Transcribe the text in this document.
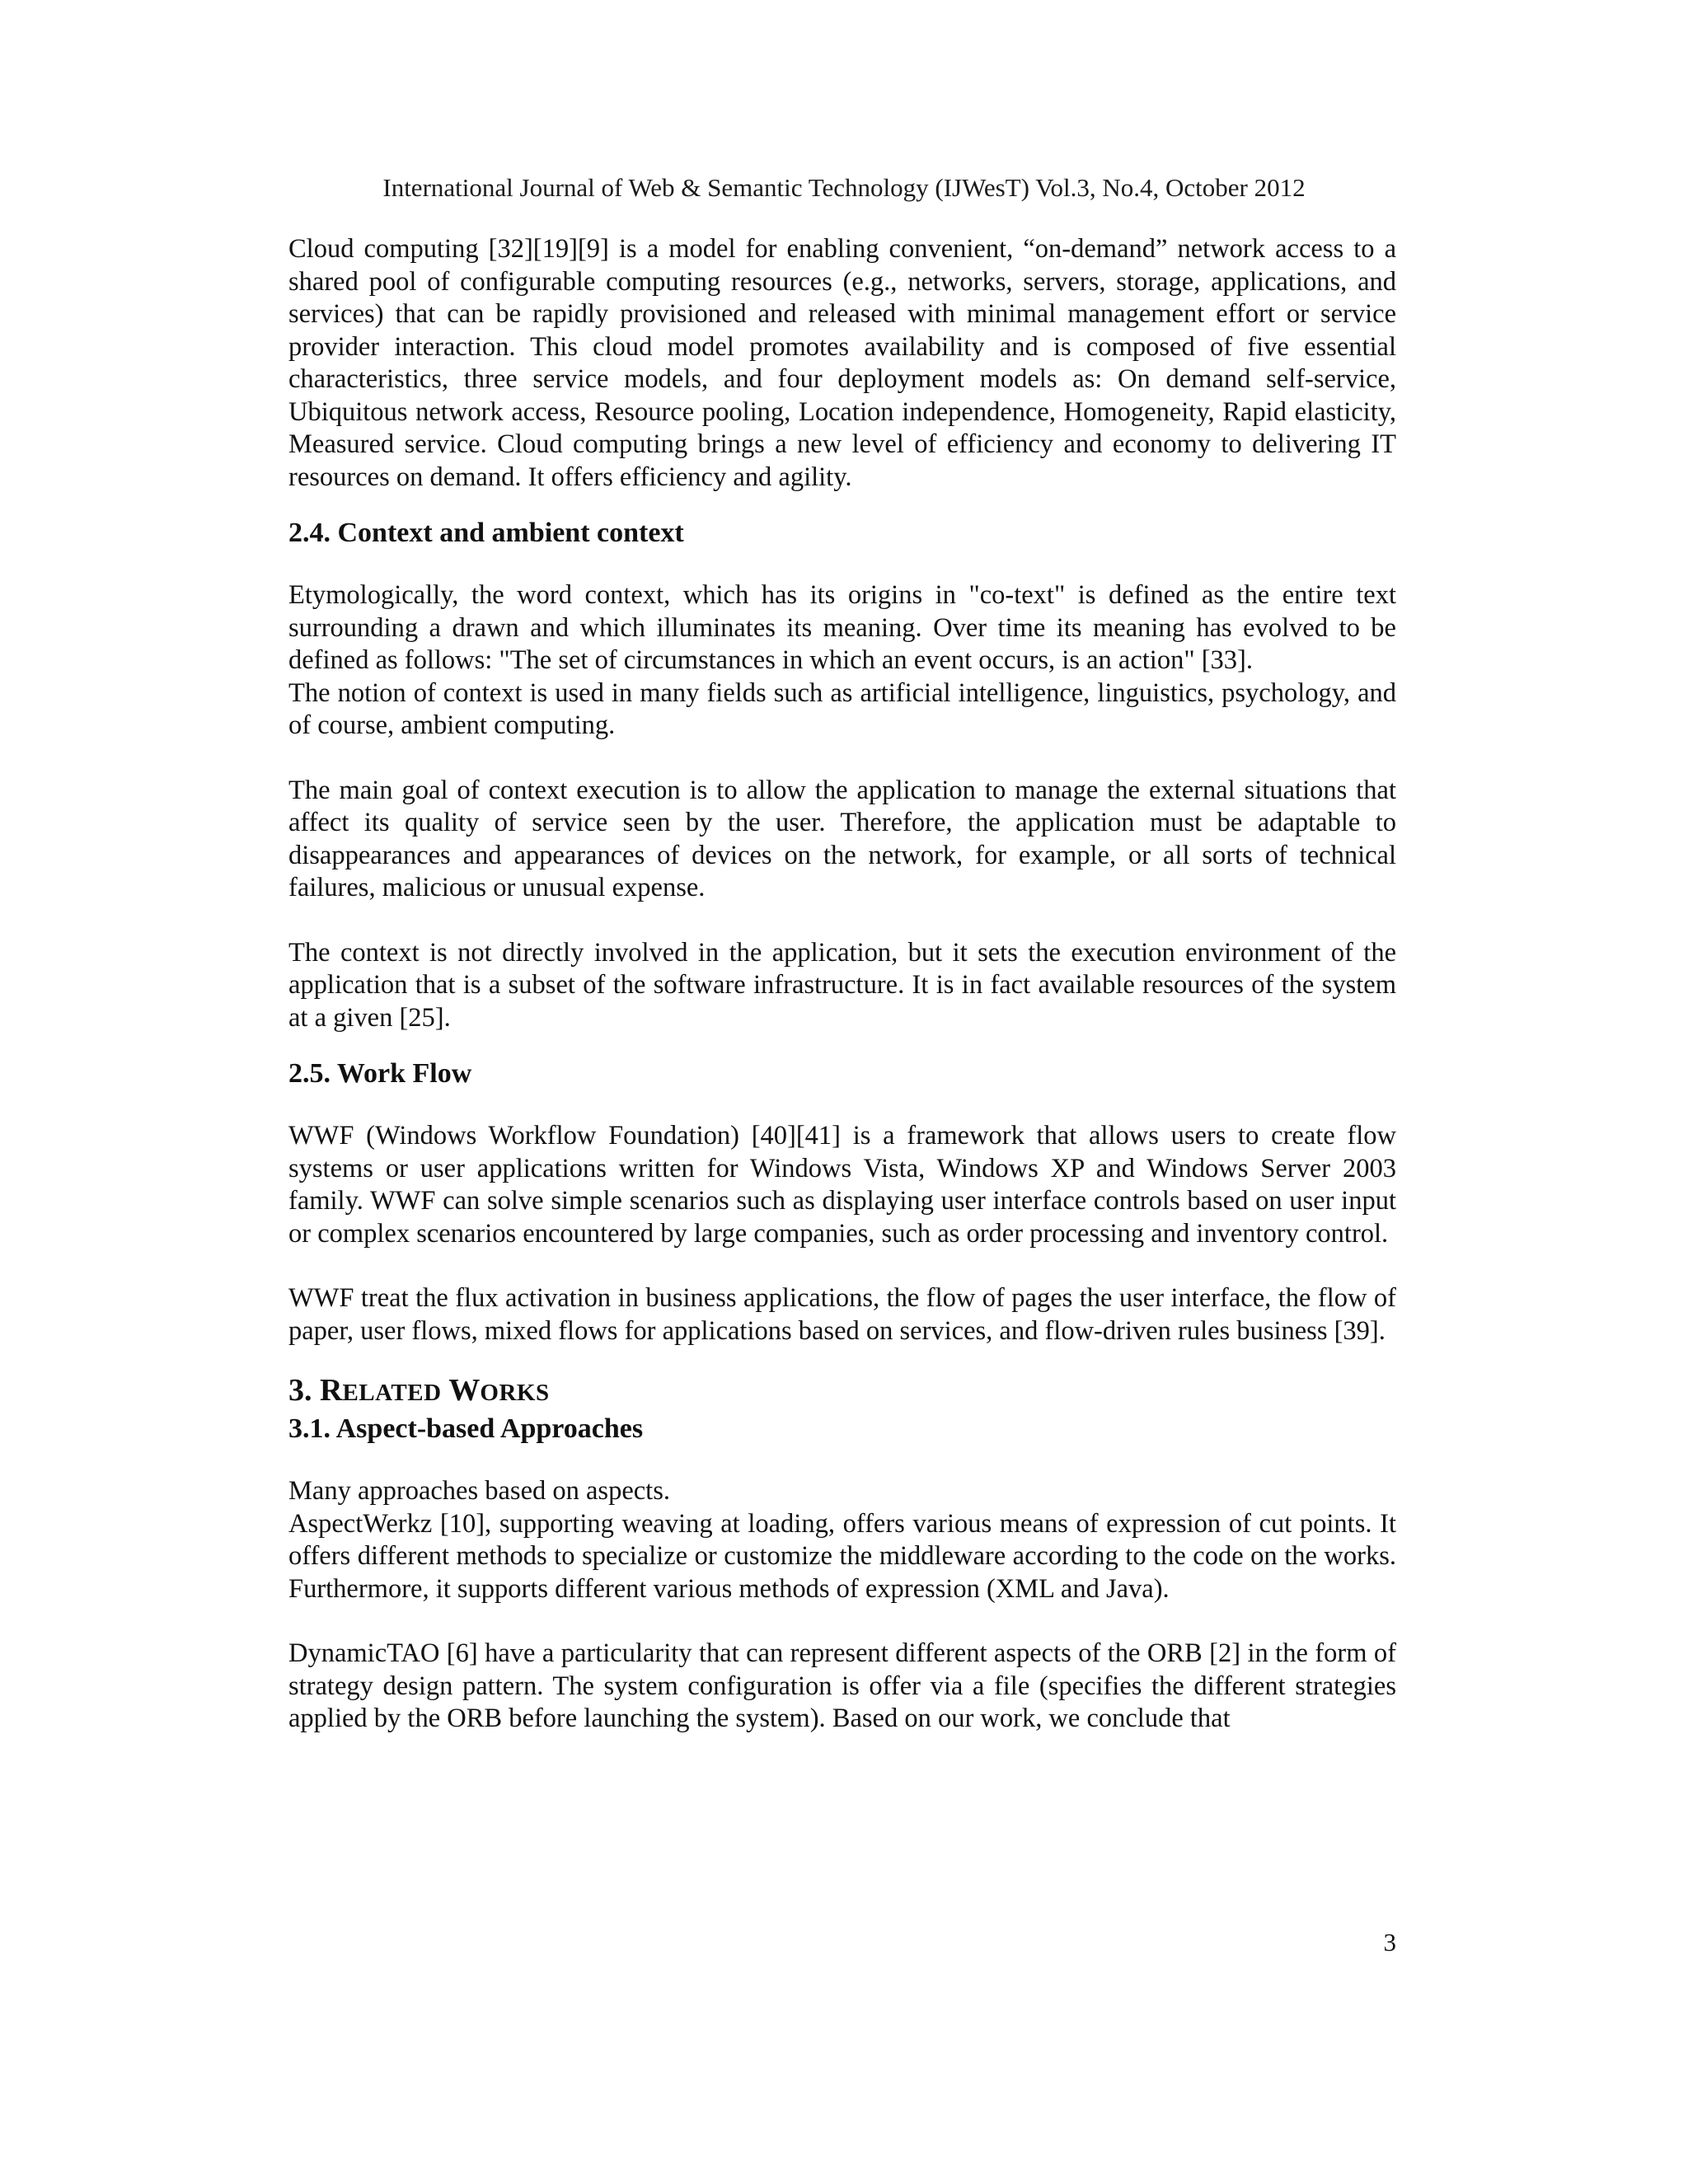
International Journal of Web & Semantic Technology (IJWesT) Vol.3, No.4, October 2012

Cloud computing [32][19][9] is a model for enabling convenient, “on-demand” network access to a shared pool of configurable computing resources (e.g., networks, servers, storage, applications, and services) that can be rapidly provisioned and released with minimal management effort or service provider interaction. This cloud model promotes availability and is composed of five essential characteristics, three service models, and four deployment models as: On demand self-service, Ubiquitous network access, Resource pooling, Location independence, Homogeneity, Rapid elasticity, Measured service. Cloud computing brings a new level of efficiency and economy to delivering IT resources on demand. It offers efficiency and agility.

2.4. Context and ambient context

Etymologically, the word context, which has its origins in "co-text" is defined as the entire text surrounding a drawn and which illuminates its meaning. Over time its meaning has evolved to be defined as follows: "The set of circumstances in which an event occurs, is an action" [33].

The notion of context is used in many fields such as artificial intelligence, linguistics, psychology, and of course, ambient computing.

The main goal of context execution is to allow the application to manage the external situations that affect its quality of service seen by the user. Therefore, the application must be adaptable to disappearances and appearances of devices on the network, for example, or all sorts of technical failures, malicious or unusual expense.

The context is not directly involved in the application, but it sets the execution environment of the application that is a subset of the software infrastructure. It is in fact available resources of the system at a given [25].

2.5. Work Flow

WWF (Windows Workflow Foundation) [40][41] is a framework that allows users to create flow systems or user applications written for Windows Vista, Windows XP and Windows Server 2003 family. WWF can solve simple scenarios such as displaying user interface controls based on user input or complex scenarios encountered by large companies, such as order processing and inventory control.

WWF treat the flux activation in business applications, the flow of pages the user interface, the flow of paper, user flows, mixed flows for applications based on services, and flow-driven rules business [39].

3. RELATED WORKS
3.1. Aspect-based Approaches

Many approaches based on aspects.

AspectWerkz [10], supporting weaving at loading, offers various means of expression of cut points. It offers different methods to specialize or customize the middleware according to the code on the works. Furthermore, it supports different various methods of expression (XML and Java).

DynamicTAO [6] have a particularity that can represent different aspects of the ORB [2] in the form of strategy design pattern. The system configuration is offer via a file (specifies the different strategies applied by the ORB before launching the system). Based on our work, we conclude that

3
